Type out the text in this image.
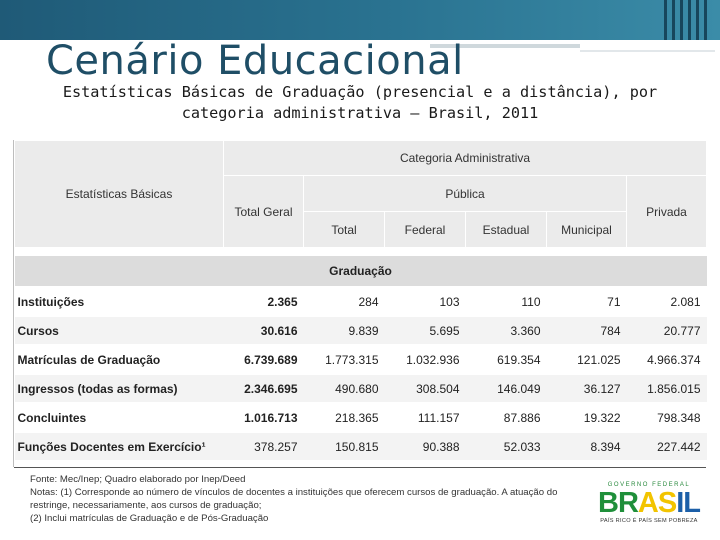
Cenário Educacional
Estatísticas Básicas de Graduação (presencial e a distância), por
categoria administrativa – Brasil, 2011
Estatísticas Básicas	Categoria Administrativa					
	Total Geral	Pública				Privada
		Total	Federal	Estadual	Municipal	

Graduação						
Instituições	2.365	284	103	110	71	2.081
Cursos	30.616	9.839	5.695	3.360	784	20.777
Matrículas de Graduação	6.739.689	1.773.315	1.032.936	619.354	121.025	4.966.374
Ingressos (todas as formas)	2.346.695	490.680	308.504	146.049	36.127	1.856.015
Concluintes	1.016.713	218.365	111.157	87.886	19.322	798.348
Funções Docentes em Exercício¹	378.257	150.815	90.388	52.033	8.394	227.442
Fonte: Mec/Inep; Quadro elaborado por Inep/Deed
Notas: (1) Corresponde ao número de vínculos de docentes a instituições que oferecem cursos de graduação. A atuação do
restringe, necessariamente, aos cursos de graduação;
(2) Inclui matrículas de Graduação e de Pós-Graduação
GOVERNO FEDERAL
BRASIL
PAÍS RICO É PAÍS SEM POBREZA
